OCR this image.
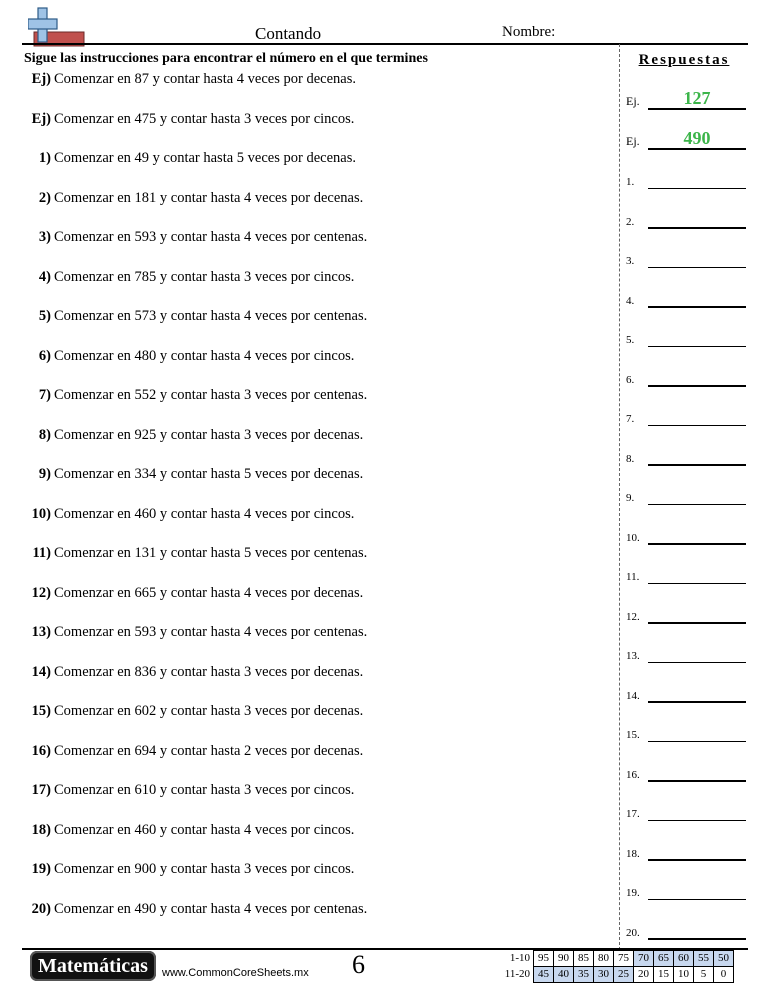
Contando	Nombre:
Sigue las instrucciones para encontrar el número en el que termines	Respuestas
Ej) Comenzar en 87 y contar hasta 4 veces por decenas.
Ej) Comenzar en 475 y contar hasta 3 veces por cincos.
1) Comenzar en 49 y contar hasta 5 veces por decenas.
2) Comenzar en 181 y contar hasta 4 veces por decenas.
3) Comenzar en 593 y contar hasta 4 veces por centenas.
4) Comenzar en 785 y contar hasta 3 veces por cincos.
5) Comenzar en 573 y contar hasta 4 veces por centenas.
6) Comenzar en 480 y contar hasta 4 veces por cincos.
7) Comenzar en 552 y contar hasta 3 veces por centenas.
8) Comenzar en 925 y contar hasta 3 veces por decenas.
9) Comenzar en 334 y contar hasta 5 veces por decenas.
10) Comenzar en 460 y contar hasta 4 veces por cincos.
11) Comenzar en 131 y contar hasta 5 veces por centenas.
12) Comenzar en 665 y contar hasta 4 veces por decenas.
13) Comenzar en 593 y contar hasta 4 veces por centenas.
14) Comenzar en 836 y contar hasta 3 veces por decenas.
15) Comenzar en 602 y contar hasta 3 veces por decenas.
16) Comenzar en 694 y contar hasta 2 veces por decenas.
17) Comenzar en 610 y contar hasta 3 veces por cincos.
18) Comenzar en 460 y contar hasta 4 veces por cincos.
19) Comenzar en 900 y contar hasta 3 veces por cincos.
20) Comenzar en 490 y contar hasta 4 veces por centenas.
Ej.	127
Ej.	490
1.
2.
3.
4.
5.
6.
7.
8.
9.
10.
11.
12.
13.
14.
15.
16.
17.
18.
19.
20.
Matemáticas	www.CommonCoreSheets.mx 6	1-10	95	90	85	80	75	70	65	60	55	50
11-20	45	40	35	30	25	20	15	10	5	0
